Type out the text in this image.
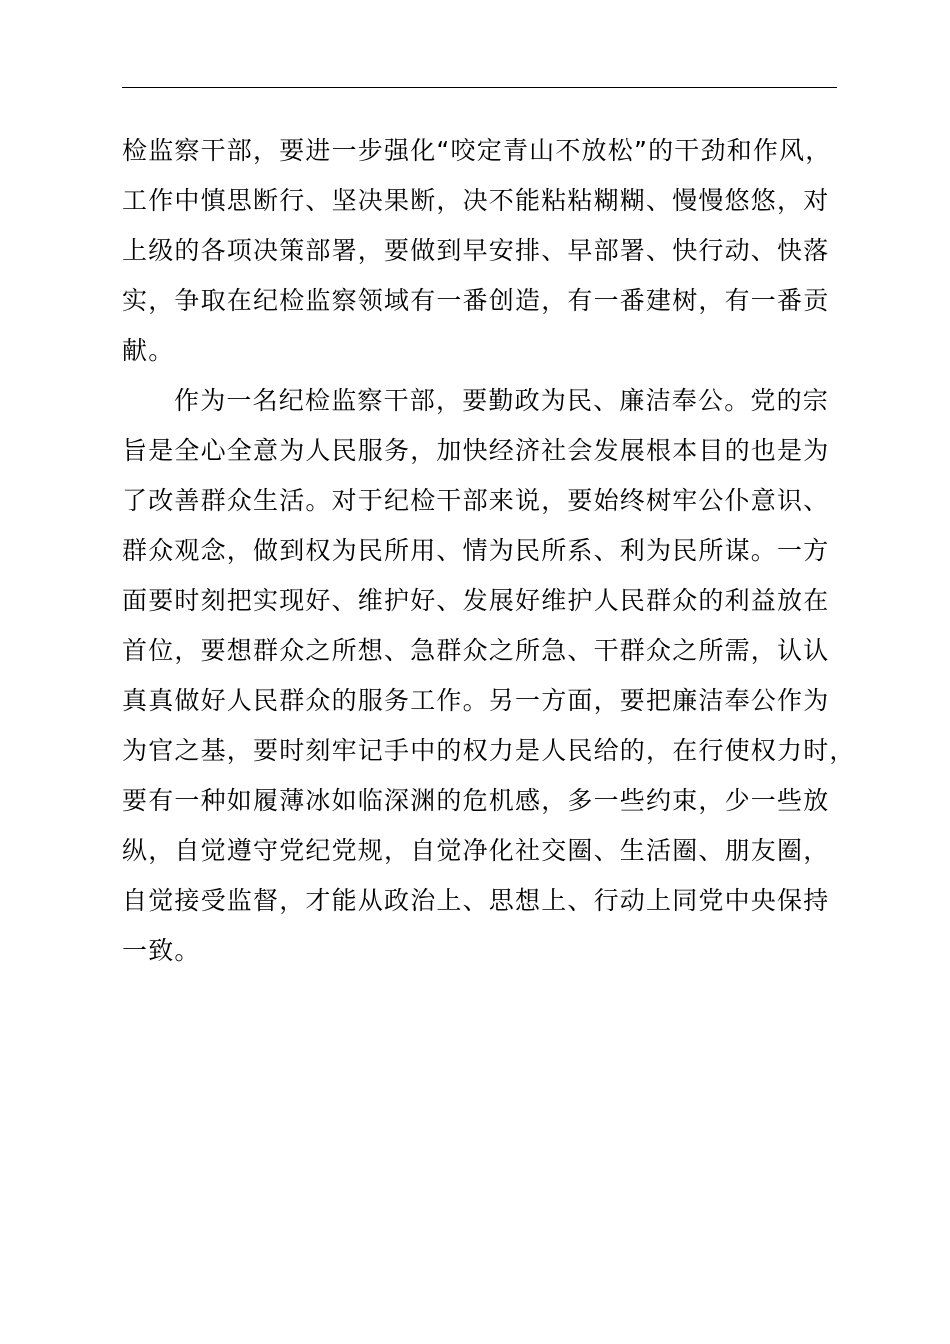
检监察干部，要进一步强化“咬定青山不放松”的干劲和作风，
工作中慎思断行、坚决果断，决不能粘粘糊糊、慢慢悠悠，对
上级的各项决策部署，要做到早安排、早部署、快行动、快落
实，争取在纪检监察领域有一番创造，有一番建树，有一番贡
献。
作为一名纪检监察干部，要勤政为民、廉洁奉公。党的宗
旨是全心全意为人民服务，加快经济社会发展根本目的也是为
了改善群众生活。对于纪检干部来说，要始终树牢公仆意识、
群众观念，做到权为民所用、情为民所系、利为民所谋。一方
面要时刻把实现好、维护好、发展好维护人民群众的利益放在
首位，要想群众之所想、急群众之所急、干群众之所需，认认
真真做好人民群众的服务工作。另一方面，要把廉洁奉公作为
为官之基，要时刻牢记手中的权力是人民给的，在行使权力时，
要有一种如履薄冰如临深渊的危机感，多一些约束，少一些放
纵，自觉遵守党纪党规，自觉净化社交圈、生活圈、朋友圈，
自觉接受监督，才能从政治上、思想上、行动上同党中央保持
一致。
